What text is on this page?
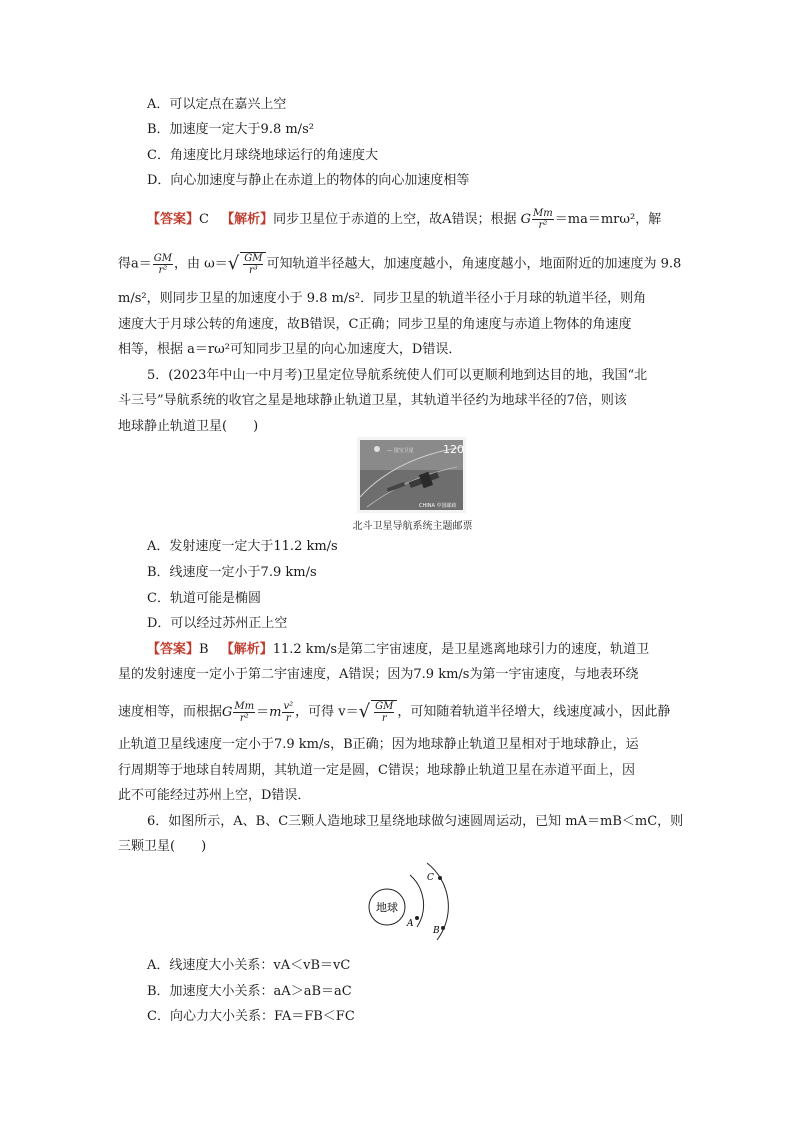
A．可以定点在嘉兴上空
B．加速度一定大于9.8 m/s²
C．角速度比月球绕地球运行的角速度大
D．向心加速度与静止在赤道上的物体的向心加速度相等
【答案】C 【解析】同步卫星位于赤道的上空，故A错误；根据 G $\frac{Mm}{\text{r²}} =ma=mr\omega^2$，解
得$a= \frac{GM}{\text{r²}}$ ，由 $\omega=√ \frac{GM}{\text{r³}}$ 可知轨道半径越大，加速度越小，角速度越小，地面附近的加速度为 9.8
m/s²，则同步卫星的加速度小于 9.8 m/s²．同步卫星的轨道半径小于月球的轨道半径，则角
速度大于月球公转的角速度，故B错误，C正确；同步卫星的角速度与赤道上物体的角速度
相等，根据 a＝rω²可知同步卫星的向心加速度大，D错误．
5．(2023年中山一中月考)卫星定位导航系统使人们可以更顺利地到达目的地，我国“北
斗三号”导航系统的收官之星是地球静止轨道卫星，其轨道半径约为地球半径的7倍，则该
地球静止轨道卫星(　　)
— 国宝卫星	120
CHINA 中国邮政
北斗卫星导航系统主题邮票
A．发射速度一定大于11.2 km/s
B．线速度一定小于7.9 km/s
C．轨道可能是椭圆
D．可以经过苏州正上空
【答案】B 【解析】11.2 km/s是第二宇宙速度，是卫星逃离地球引力的速度，轨道卫
星的发射速度一定小于第二宇宙速度，A错误；因为7.9 km/s为第一宇宙速度，与地表环绕
速度相等，而根据G $\frac{Mm}{\text{r²}} =m \frac{\text{v²}}{r}$ ，可得 $v=√ \frac{GM}{r}$ ，可知随着轨道半径增大，线速度减小，因此静
止轨道卫星线速度一定小于7.9 km/s，B正确；因为地球静止轨道卫星相对于地球静止，运
行周期等于地球自转周期，其轨道一定是圆，C错误；地球静止轨道卫星在赤道平面上，因
此不可能经过苏州上空，D错误．
6．如图所示，A、B、C三颗人造地球卫星绕地球做匀速圆周运动，已知 mA＝mB＜mC，则
三颗卫星(　　)
地球
A
B
C
A．线速度大小关系：vA＜vB＝vC
B．加速度大小关系：aA＞aB＝aC
C．向心力大小关系：FA＝FB＜FC
